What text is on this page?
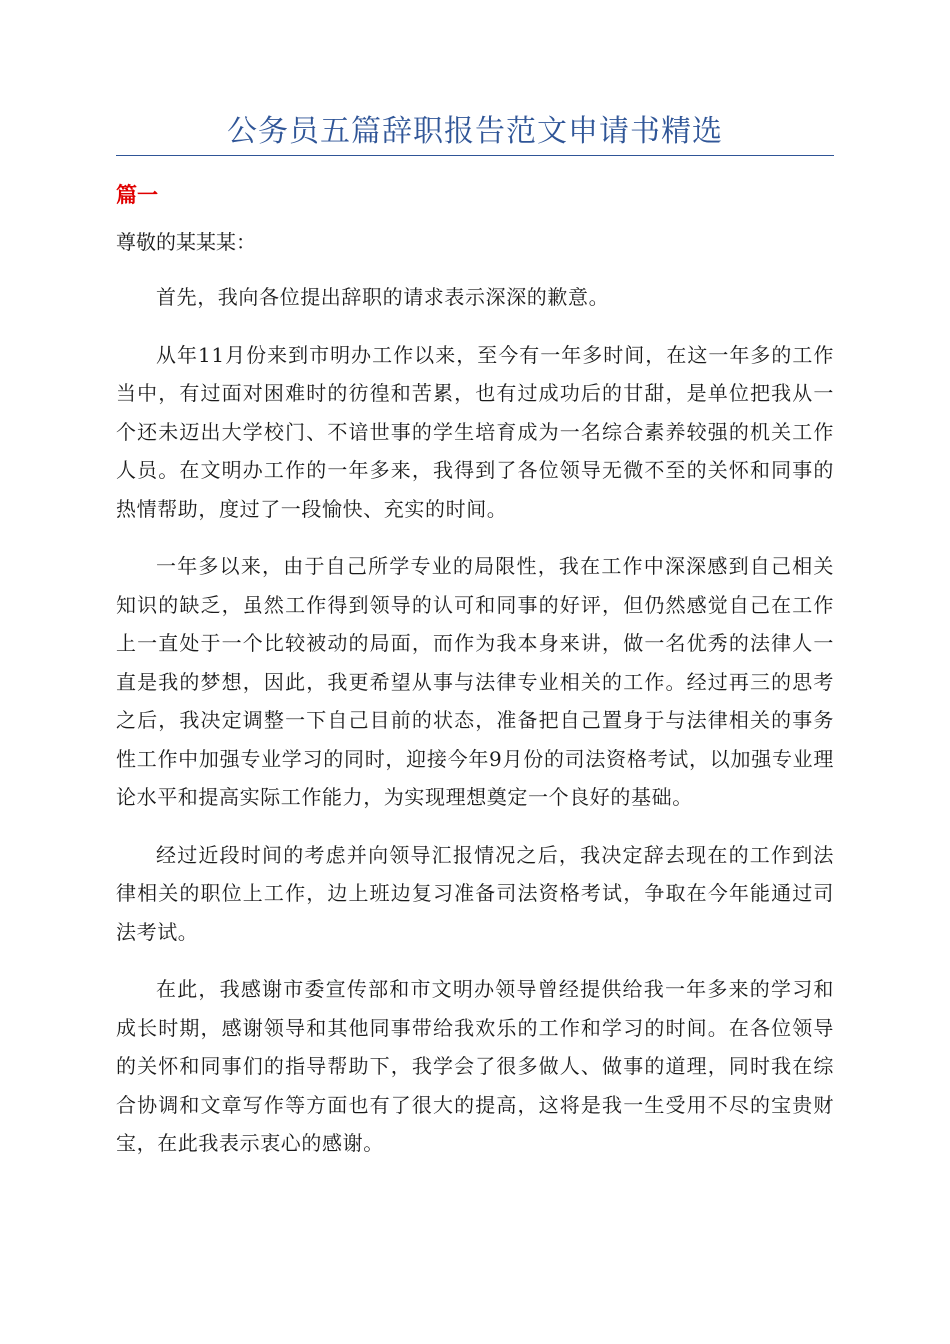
公务员五篇辞职报告范文申请书精选
篇一
尊敬的某某某：

首先，我向各位提出辞职的请求表示深深的歉意。

从年11月份来到市明办工作以来，至今有一年多时间，在这一年多的工作当中，有过面对困难时的彷徨和苦累，也有过成功后的甘甜，是单位把我从一个还未迈出大学校门、不谙世事的学生培育成为一名综合素养较强的机关工作人员。在文明办工作的一年多来，我得到了各位领导无微不至的关怀和同事的热情帮助，度过了一段愉快、充实的时间。

一年多以来，由于自己所学专业的局限性，我在工作中深深感到自己相关知识的缺乏，虽然工作得到领导的认可和同事的好评，但仍然感觉自己在工作上一直处于一个比较被动的局面，而作为我本身来讲，做一名优秀的法律人一直是我的梦想，因此，我更希望从事与法律专业相关的工作。经过再三的思考之后，我决定调整一下自己目前的状态，准备把自己置身于与法律相关的事务性工作中加强专业学习的同时，迎接今年9月份的司法资格考试，以加强专业理论水平和提高实际工作能力，为实现理想奠定一个良好的基础。

经过近段时间的考虑并向领导汇报情况之后，我决定辞去现在的工作到法律相关的职位上工作，边上班边复习准备司法资格考试，争取在今年能通过司法考试。

在此，我感谢市委宣传部和市文明办领导曾经提供给我一年多来的学习和成长时期，感谢领导和其他同事带给我欢乐的工作和学习的时间。在各位领导的关怀和同事们的指导帮助下，我学会了很多做人、做事的道理，同时我在综合协调和文章写作等方面也有了很大的提高，这将是我一生受用不尽的宝贵财宝，在此我表示衷心的感谢。
